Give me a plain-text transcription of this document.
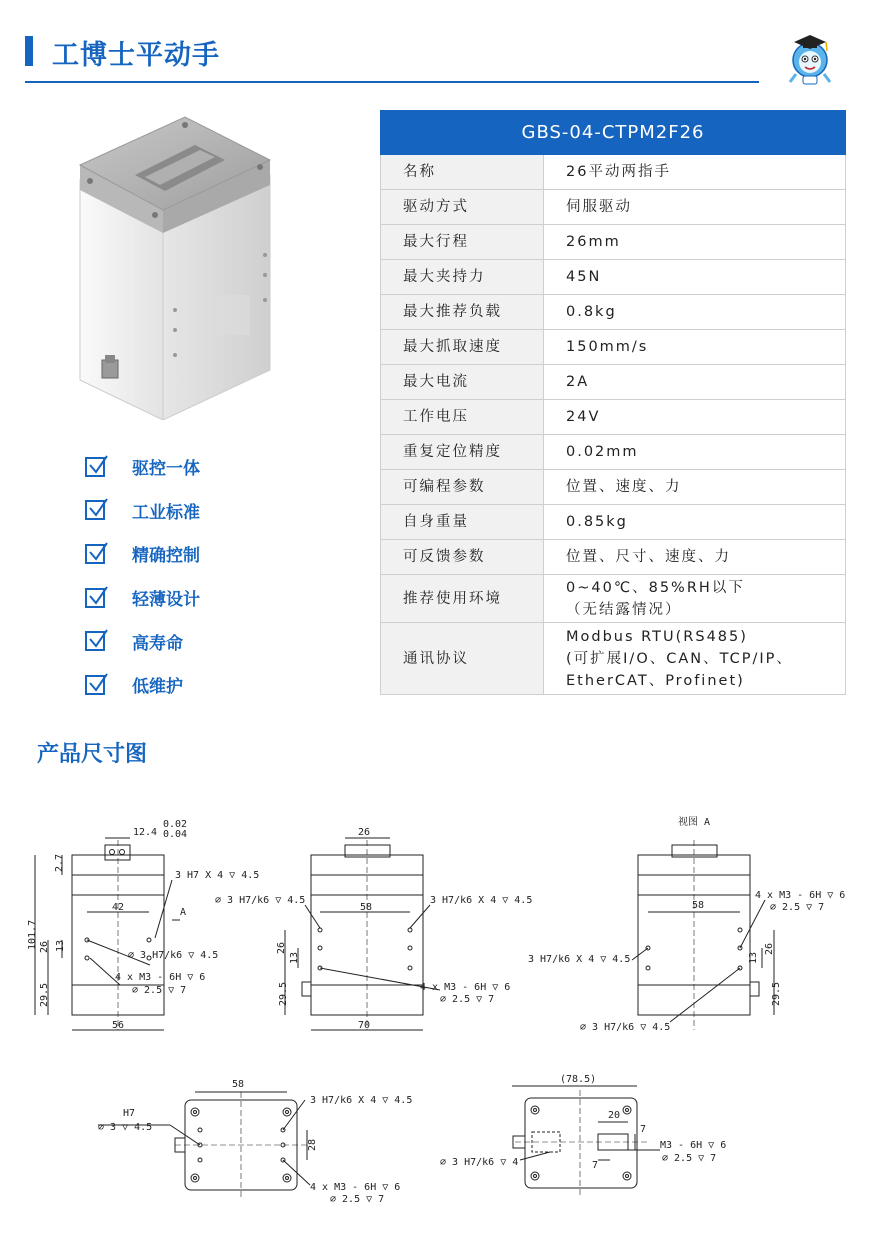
工博士平动手
驱控一体
工业标准
精确控制
轻薄设计
高寿命
低维护
GBS-04-CTPM2F26	
名称	26平动两指手
驱动方式	伺服驱动
最大行程	26mm
最大夹持力	45N
最大推荐负载	0.8kg
最大抓取速度	150mm/s
最大电流	2A
工作电压	24V
重复定位精度	0.02mm
可编程参数	位置、速度、力
自身重量	0.85kg
可反馈参数	位置、尺寸、速度、力
推荐使用环境	0~40℃、85%RH以下
（无结露情况）

通讯协议	Modbus RTU(RS485)
(可扩展I/O、CAN、TCP/IP、
EtherCAT、Profinet)
产品尺寸图
12.4
0.02
0.04
2.7
101.7 26 13
29.5
42
56
3 H7 X 4 ▽ 4.5
A
⌀ 3 H7/k6 ▽ 4.5
4 x M3 - 6H ▽ 6
⌀ 2.5 ▽ 7
26
58
70
26
13
29.5
⌀ 3 H7/k6 ▽ 4.5	3 H7/k6 X 4 ▽ 4.5
4 x M3 - 6H ▽ 6
⌀ 2.5 ▽ 7
视图 A
58
26
13
29.5
3 H7/k6 X 4 ▽ 4.5
⌀ 3 H7/k6 ▽ 4.5
4 x M3 - 6H ▽ 6
⌀ 2.5 ▽ 7
58
28
H7
⌀ 3 ▽ 4.5
3 H7/k6 X 4 ▽ 4.5
4 x M3 - 6H ▽ 6
⌀ 2.5 ▽ 7
(78.5)
20
7
7
⌀ 3 H7/k6 ▽ 4
M3 - 6H ▽ 6
⌀ 2.5 ▽ 7
